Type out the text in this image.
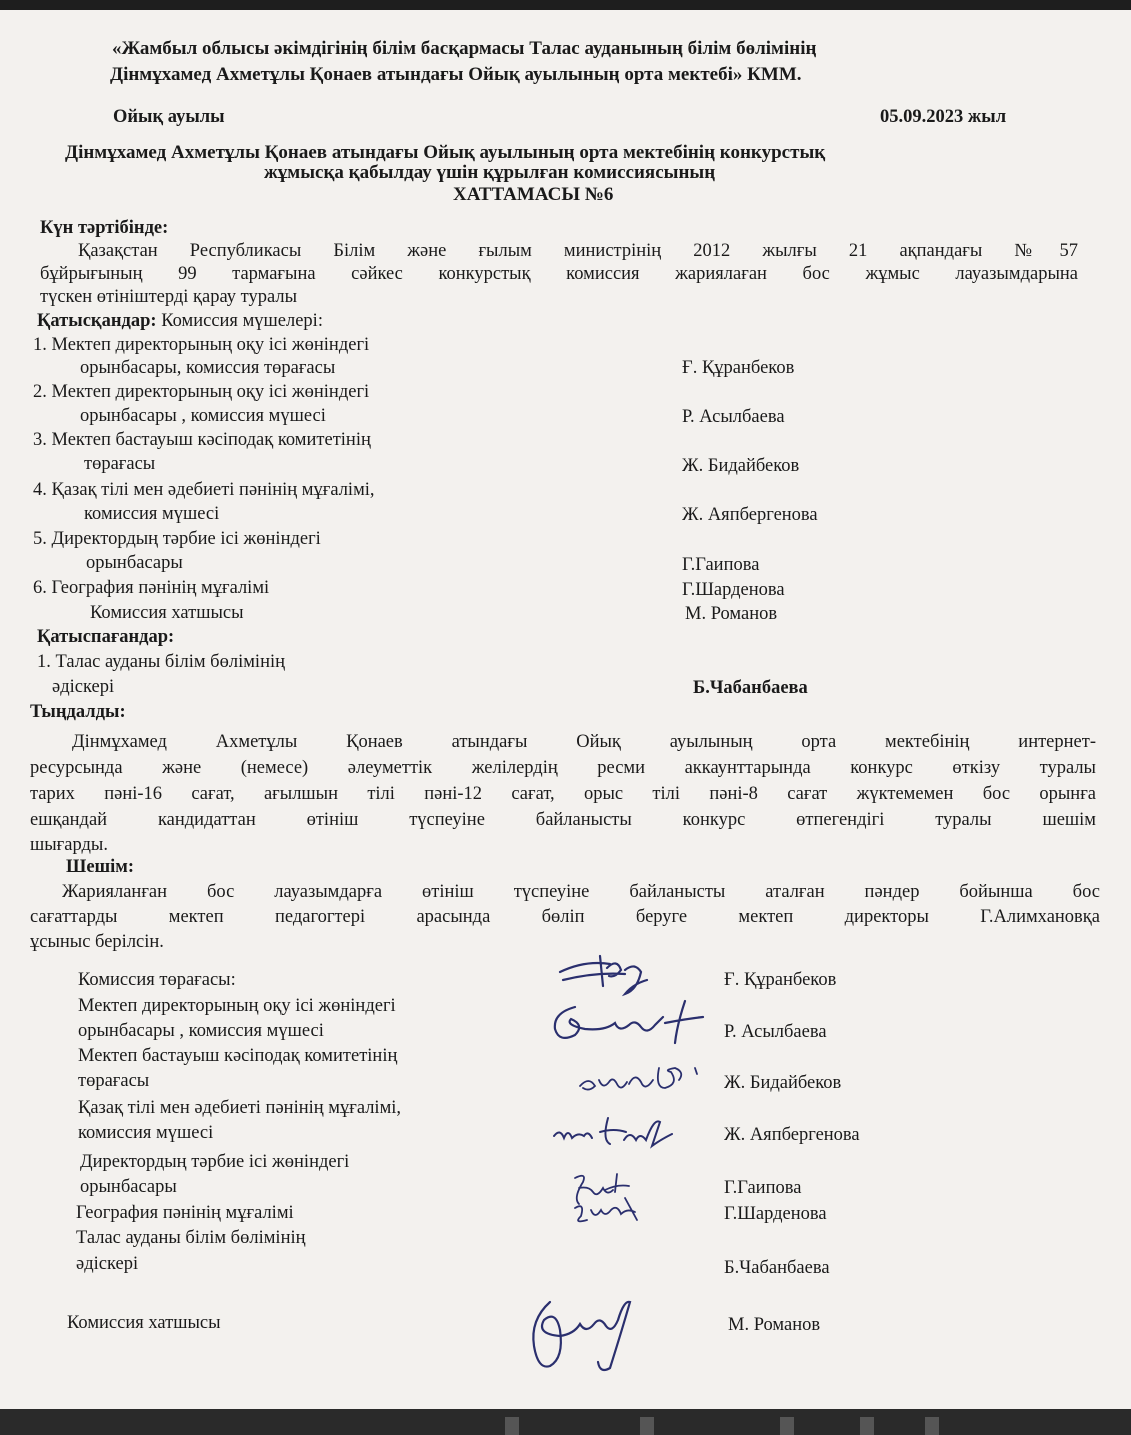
«Жамбыл облысы әкімдігінің білім басқармасы Талас ауданының білім бөлімінің
Дінмұхамед Ахметұлы Қонаев атындағы Ойық ауылының орта мектебі» КММ.
Ойық ауылы	05.09.2023 жыл
Дінмұхамед Ахметұлы Қонаев атындағы Ойық ауылының орта мектебінің конкурстық
жұмысқа қабылдау үшін құрылған комиссиясының
ХАТТАМАСЫ №6
Күн тәртібінде:
Қазақстан Республикасы Білім және ғылым министрінің 2012 жылғы 21 ақпандағы №57
бұйрығының 99 тармағына сәйкес конкурстық комиссия жариялаған бос жұмыс лауазымдарына
түскен өтініштерді қарау туралы
Қатысқандар: Комиссия мүшелері:
1. Мектеп директорының оқу ісі жөніндегі
орынбасары, комиссия төрағасы	Ғ. Құранбеков
2. Мектеп директорының оқу ісі жөніндегі
орынбасары , комиссия мүшесі	Р. Асылбаева
3. Мектеп бастауыш кәсіподақ комитетінің
төрағасы	Ж. Бидайбеков
4. Қазақ тілі мен әдебиеті пәнінің мұғалімі,
комиссия мүшесі	Ж. Аяпбергенова
5. Директордың тәрбие ісі жөніндегі
орынбасары	Г.Гаипова
6. География пәнінің мұғалімі	Г.Шарденова
Комиссия хатшысы	М. Романов
Қатыспағандар:
1. Талас ауданы білім бөлімінің
әдіскері	Б.Чабанбаева
Тыңдалды:
Дінмұхамед Ахметұлы Қонаев атындағы Ойық ауылының орта мектебінің интернет-
ресурсында және (немесе) әлеуметтік желілердің ресми аккаунттарында конкурс өткізу туралы
тарих пәні-16 сағат, ағылшын тілі пәні-12 сағат, орыс тілі пәні-8 сағат жүктемемен бос орынға
ешқандай кандидаттан өтініш түспеуіне байланысты конкурс өтпегендігі туралы шешім
шығарды.
Шешім:
Жарияланған бос лауазымдарға өтініш түспеуіне байланысты аталған пәндер бойынша бос
сағаттарды мектеп педагогтері арасында бөліп беруге мектеп директоры Г.Алимхановқа
ұсыныс берілсін.
Комиссия төрағасы:	Ғ. Құранбеков
Мектеп директорының оқу ісі жөніндегі
орынбасары , комиссия мүшесі	Р. Асылбаева
Мектеп бастауыш кәсіподақ комитетінің
төрағасы	Ж. Бидайбеков
Қазақ тілі мен әдебиеті пәнінің мұғалімі,
комиссия мүшесі	Ж. Аяпбергенова
Директордың тәрбие ісі жөніндегі
орынбасары	Г.Гаипова
География пәнінің мұғалімі	Г.Шарденова
Талас ауданы білім бөлімінің
әдіскері	Б.Чабанбаева
Комиссия хатшысы	М. Романов
